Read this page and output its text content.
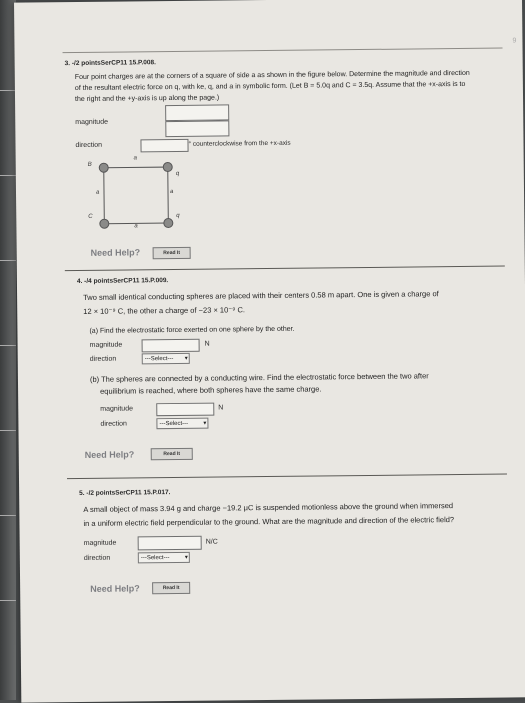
9
3. -/2 pointsSerCP11 15.P.008.
Four point charges are at the corners of a square of side a as shown in the figure below. Determine the magnitude and direction of the resultant electric force on q, with ke, q, and a in symbolic form. (Let B = 5.0q and C = 3.5q. Assume that the +x-axis is to the right and the +y-axis is up along the page.)
magnitude
direction	° counterclockwise from the +x-axis
B
q
a
a	a
C	q
a
Need Help?	Read It
4. -/4 pointsSerCP11 15.P.009.
Two small identical conducting spheres are placed with their centers 0.58 m apart. One is given a charge of
12 × 10⁻⁹ C, the other a charge of −23 × 10⁻⁹ C.
(a) Find the electrostatic force exerted on one sphere by the other.
magnitude	N
direction	---Select--- ▾
(b) The spheres are connected by a conducting wire. Find the electrostatic force between the two after
equilibrium is reached, where both spheres have the same charge.
magnitude	N
direction	---Select---	▾
Need Help?	Read It
5. -/2 pointsSerCP11 15.P.017.
A small object of mass 3.94 g and charge −19.2 μC is suspended motionless above the ground when immersed
in a uniform electric field perpendicular to the ground. What are the magnitude and direction of the electric field?
magnitude	N/C
direction	---Select---	▾
Need Help?	Read It
